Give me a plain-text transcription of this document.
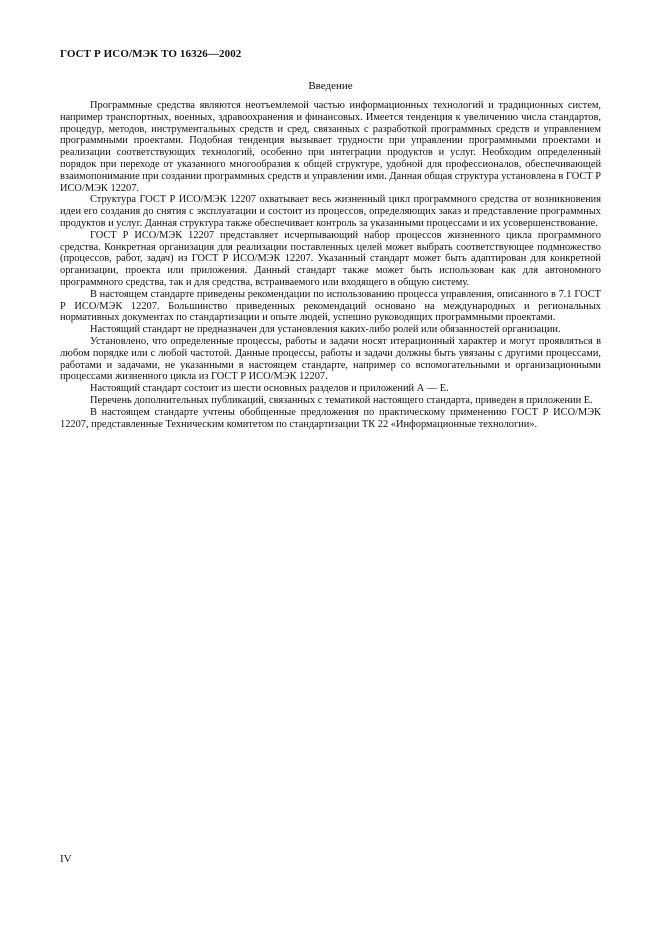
ГОСТ Р ИСО/МЭК ТО 16326—2002
Введение

Программные средства являются неотъемлемой частью информационных технологий и традиционных систем, например транспортных, военных, здравоохранения и финансовых. Имеется тенденция к увеличению числа стандартов, процедур, методов, инструментальных средств и сред, связанных с разработкой программных средств и управлением программными проектами. Подобная тенденция вызывает трудности при управлении программными проектами и реализации соответствующих технологий, особенно при интеграции продуктов и услуг. Необходим определенный порядок при переходе от указанного многообразия к общей структуре, удобной для профессионалов, обеспечивающей взаимопонимание при создании программных средств и управлении ими. Данная общая структура установлена в ГОСТ Р ИСО/МЭК 12207.

Структура ГОСТ Р ИСО/МЭК 12207 охватывает весь жизненный цикл программного средства от возникновения идеи его создания до снятия с эксплуатации и состоит из процессов, определяющих заказ и представление программных продуктов и услуг. Данная структура также обеспечивает контроль за указанными процессами и их усовершенствование.

ГОСТ Р ИСО/МЭК 12207 представляет исчерпывающий набор процессов жизненного цикла программного средства. Конкретная организация для реализации поставленных целей может выбрать соответствующее подмножество (процессов, работ, задач) из ГОСТ Р ИСО/МЭК 12207. Указанный стандарт может быть адаптирован для конкретной организации, проекта или приложения. Данный стандарт также может быть использован как для автономного программного средства, так и для средства, встраиваемого или входящего в общую систему.

В настоящем стандарте приведены рекомендации по использованию процесса управления, описанного в 7.1 ГОСТ Р ИСО/МЭК 12207. Большинство приведенных рекомендаций основано на международных и региональных нормативных документах по стандартизации и опыте людей, успешно руководящих программными проектами.

Настоящий стандарт не предназначен для установления каких-либо ролей или обязанностей организации.

Установлено, что определенные процессы, работы и задачи носят итерационный характер и могут проявляться в любом порядке или с любой частотой. Данные процессы, работы и задачи должны быть увязаны с другими процессами, работами и задачами, не указанными в настоящем стандарте, например со вспомогательными и организационными процессами жизненного цикла из ГОСТ Р ИСО/МЭК 12207.

Настоящий стандарт состоит из шести основных разделов и приложений А — Е.

Перечень дополнительных публикаций, связанных с тематикой настоящего стандарта, приведен в приложении Е.

В настоящем стандарте учтены обобщенные предложения по практическому применению ГОСТ Р ИСО/МЭК 12207, представленные Техническим комитетом по стандартизации ТК 22 «Информационные технологии».

IV
